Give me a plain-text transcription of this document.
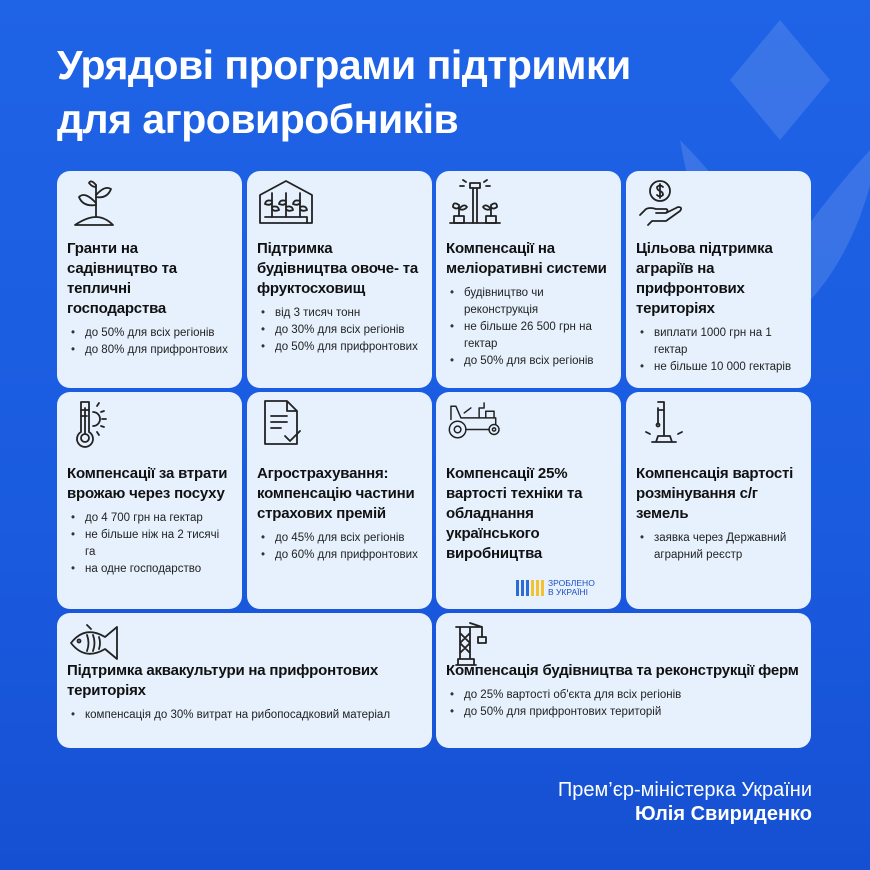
Урядові програми підтримки
для агровиробників
Гранти на садівництво та тепличні господарства
• до 50% для всіх регіонів
• до 80% для прифронтових
Підтримка будівництва овоче- та фруктосховищ
• від 3 тисяч тонн
• до 30% для всіх регіонів
• до 50% для прифронтових
Компенсації на меліоративні системи
• будівництво чи реконструкція
• не більше 26 500 грн на гектар
• до 50% для всіх регіонів
Цільова підтримка аграріїв на прифронтових територіях
• виплати 1000 грн на 1 гектар
• не більше 10 000 гектарів
Компенсації за втрати врожаю через посуху
• до 4 700 грн на гектар
• не більше ніж на 2 тисячі га
• на одне господарство
Агрострахування: компенсацію частини страхових премій
• до 45% для всіх регіонів
• до 60% для прифронтових
Компенсації 25% вартості техніки та обладнання українського виробництва
ЗРОБЛЕНО
В УКРАЇНІ
Компенсація вартості розмінування с/г земель
• заявка через Державний аграрний реєстр
Підтримка аквакультури на прифронтових територіях
• компенсація до 30% витрат на рибопосадковий матеріал
Компенсація будівництва та реконструкції ферм
• до 25% вартості об'єкта для всіх регіонів
• до 50% для прифронтових територій
Прем’єр-міністерка України
Юлія Свириденко
